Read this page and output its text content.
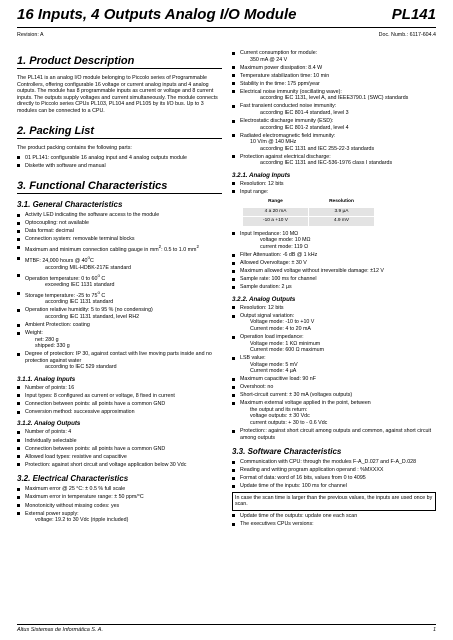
16 Inputs, 4 Outputs Analog I/O Module	PL141
Revision: A	Doc. Numb.: 6117-604.4
1. Product Description

The PL141 is an analog I/O module belonging to Piccolo series of Programmable Controllers, offering configurable 16 voltage or current analog inputs and 4 analog outputs. The module has 8 programmable inputs as current or voltage and 8 current inputs. The outputs supply voltages and current simultaneously. The module connects directly to Piccolo series CPUs PL103, PL104 and PL105 by its I/O bus. Up to 3 modules can be connected to a CPU.

2. Packing List

The product packing contains the following parts:

01 PL141: configurable 16 analog input and 4 analog outputs module
Diskette with software and manual
3. Functional Characteristics
3.1. General Characteristics
Activity LED indicating the software access to the module
Optocoupling: not available
Data format: decimal
Connection system: removable terminal blocks
Maximum and minimum connection cabling gauge in $mm^2$: 0.5 to 1.0 $mm^2$
MTBF: 24,000 hours @ 40$^o$C
according MIL-HDBK-217E standard
Operation temperature: 0 to 60$^o$ C
exceeding IEC 1131 standard
Storage temperature: -25 to 75$^o$ C
according IEC 1131 standard
Operation relative humidity: 5 to 95 % (no condensing)
according IEC 1131 standard, level RH2
Ambient Protection: coating
Weight:
net: 280 g
shipped: 330 g
Degree of protection: IP 30, against contact with live moving parts inside and no protection against water
according to IEC 529 standard
3.1.1. Analog Inputs
Number of points: 16
Input types: 8 configured as current or voltage, 8 fixed in current
Connection between points: all points have a common GND
Conversion method: successive approximation
3.1.2. Analog Outputs
Number of points: 4
Individually selectable
Connection between points: all points have a common GND
Allowed load types: resistive and capacitive
Protection: against short circuit and voltage application below 30 Vdc
3.2. Electrical Characteristics
Maximum error @ 25 °C: ± 0.5 % full scale
Maximum error in temperature range: ± 50 ppm/°C
Monotonicity without missing codes: yes
External power supply:
voltage: 19.2 to 30 Vdc (ripple included)
Current consumption for module:
350 mA @ 24 V
Maximum power dissipation: 8.4 W
Temperature stabilization time: 10 min
Stability in the time: 175 ppm/year
Electrical noise immunity (oscillating wave):
according IEC 1131, level A, and IEEE3790.1 (SWC) standards
Fast transient conducted noise immunity:
according IEC 801-4 standard, level 3
Electrostatic discharge immunity (ESD):
according IEC 801-2 standard, level 4
Radiated electromagnetic field immunity:
10 V/m @ 140 MHz
according IEC 1131 and IEC 255-22-3 standards
Protection against electrical discharge:
according IEC 1131 and IEC-536-1976 class I standards
3.2.1. Analog Inputs
Resolution: 12 bits
Input range:
Range	Resolution
4 a 20 mA	3.9 μA
-10 a +10 V	4.9 mV
Input Impedance: 10 MΩ
voltage mode: 10 MΩ
current mode: 119 Ω
Filter Attenuation: -6 dB @ 1 kHz
Allowed Overvoltage: ± 30 V
Maximum allowed voltage without irreversible damage: ±12 V
Sample rate: 100 ms for channel
Sample duration: 2 µs
3.2.2. Analog Outputs
Resolution: 12 bits
Output signal variation:
Voltage mode: -10 to +10 V
Current mode: 4 to 20 mA
Operation load impedance:
Voltage mode: 1 KΩ minimum
Current mode: 600 Ω maximum
LSB value:
Voltage mode: 5 mV
Current mode: 4 µA
Maximum capacitive load: 90 nF
Overshoot: no
Short-circuit current: ± 30 mA (voltages outputs)
Maximum external voltage applied in the point, between
the output and its return:
voltage outputs: ± 30 Vdc
current outputs: + 30 to - 0.6 Vdc
Protection:: against short circuit among outputs and common, against short circuit among outputs
3.3. Software Characteristics
Communication with CPU: through the modules F-A_D.027 and F-A_D.028
Reading and writing program application operand : %MXXXX
Format of data: word of 16 bits, values from 0 to 4095
Update time of the inputs: 100 ms for channel
In case the scan time is larger than the previous values, the inputs are used once by scan.
Update time of the outputs: update one each scan
The executives CPUs versions:
Altus Sistemas de Informática S. A.	1
